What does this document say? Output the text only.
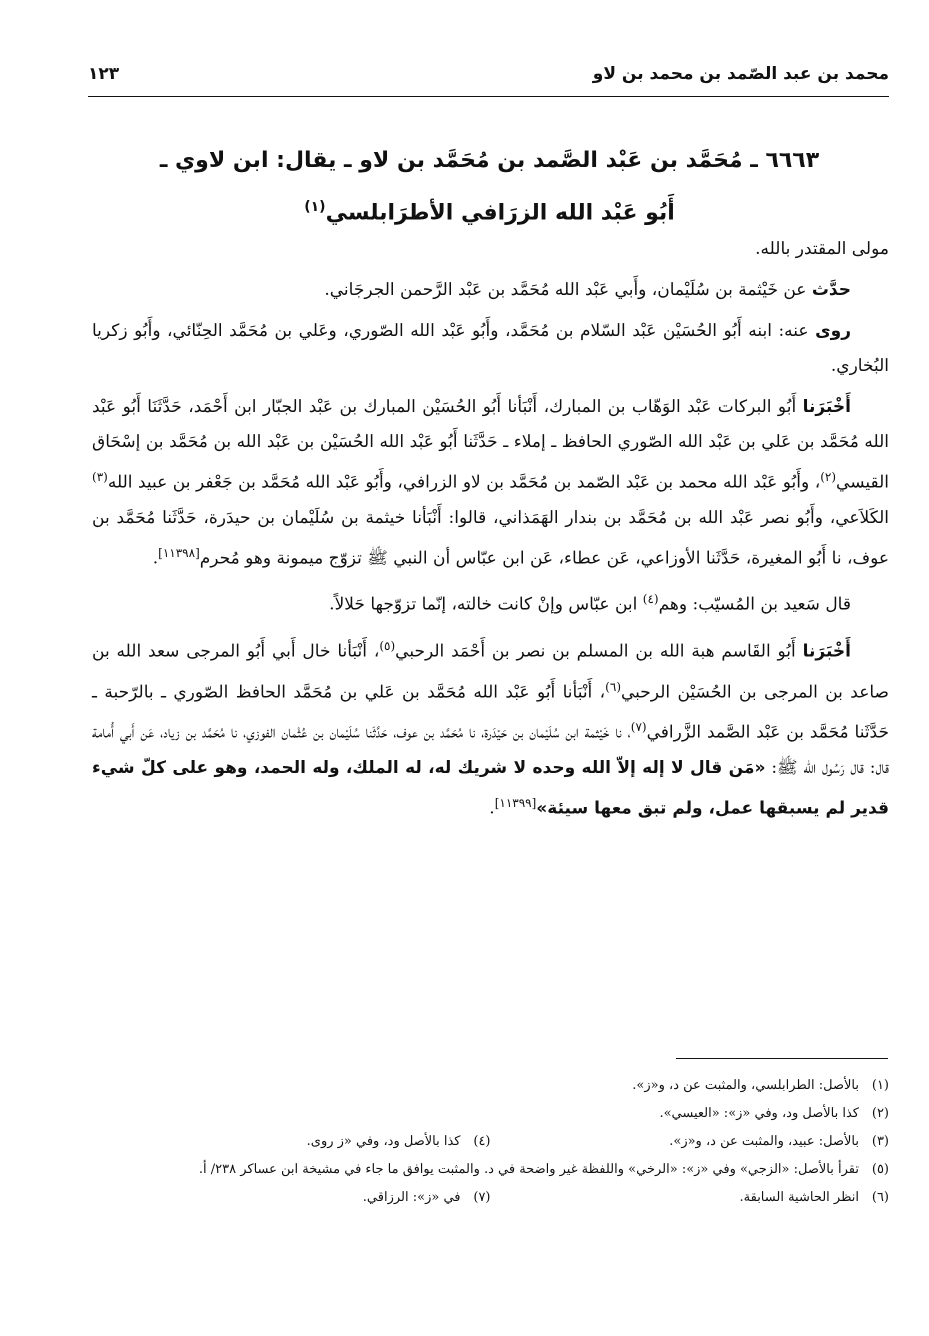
محمد بن عبد الصّمد بن محمد بن لاو
١٢٣
٦٦٦٣ ـ مُحَمَّد بن عَبْد الصَّمد بن مُحَمَّد بن لاو ـ يقال: ابن لاوي ـ
أَبُو عَبْد الله الزرَافي الأطرَابلسي$^{(١)}$

مولى المقتدر بالله.

حدَّث عن خَيْثمة بن سُلَيْمان، وأَبي عَبْد الله مُحَمَّد بن عَبْد الرَّحمن الجرجَاني.

روى عنه: ابنه أَبُو الحُسَيْن عَبْد السّلام بن مُحَمَّد، وأَبُو عَبْد الله الصّوري، وعَلي بن مُحَمَّد الحِنّائي، وأَبُو زكريا البُخاري.

أَخْبَرَنا أَبُو البركات عَبْد الوَهّاب بن المبارك، أَنْبَأنا أَبُو الحُسَيْن المبارك بن عَبْد الجبّار ابن أَحْمَد، حَدَّثَنَا أَبُو عَبْد الله مُحَمَّد بن عَلي بن عَبْد الله الصّوري الحافظ ـ إملاء ـ حَدَّثَنا أَبُو عَبْد الله الحُسَيْن بن عَبْد الله بن مُحَمَّد بن إسْحَاق القيسي$^{(٢)}$، وأَبُو عَبْد الله محمد بن عَبْد الصّمد بن مُحَمَّد بن لاو الزرافي، وأَبُو عَبْد الله مُحَمَّد بن جَعْفر بن عبيد الله$^{(٣)}$ الكَلاَعي، وأَبُو نصر عَبْد الله بن مُحَمَّد بن بندار الهَمَذاني، قالوا: أَنْبَأنا خيثمة بن سُلَيْمان بن حيدَرة، حَدَّثَنا مُحَمَّد بن عوف، نا أَبُو المغيرة، حَدَّثَنا الأوزاعي، عَن عطاء، عَن ابن عبّاس أن النبي ﷺ تزوّج ميمونة وهو مُحرم[١١٣٩٨].

قال سَعيد بن المُسيّب: وهم$^{(٤)}$ ابن عبّاس وإنْ كانت خالته، إنّما تزوّجها حَلالاً.

أَخْبَرَنا أَبُو القَاسم هبة الله بن المسلم بن نصر بن أَحْمَد الرحبي$^{(٥)}$، أَنْبَأنا خال أَبي أَبُو المرجى سعد الله بن صاعد بن المرجى بن الحُسَيْن الرحبي$^{(٦)}$، أَنْبَأنا أَبُو عَبْد الله مُحَمَّد بن عَلي بن مُحَمَّد الحافظ الصّوري ـ بالرّحبة ـ حَدَّثَنا مُحَمَّد بن عَبْد الصَّمد الزَّرافي$^{(٧)}$، نا خَيْثمة ابن سُلَيْمان بن حَيْدَرة، نا مُحَمَّد بن عوف، حَدَّثَنا سُلَيْمان بن عُثْمان الفوزي، نا مُحَمَّد بن زياد، عَن أَبي أُمامة قال: قال رَسُول الله ﷺ: «مَن قال لا إله إلاّ الله وحده لا شريك له، له الملك، وله الحمد، وهو على كلّ شيء قدير لم يسبقها عمل، ولم تبق معها سيئة»[١١٣٩٩].

(١)بالأصل: الطرابلسي، والمثبت عن د، و«ز».
(٢)كذا بالأصل ود، وفي «ز»: «العيسي».
(٣)بالأصل: عبيد، والمثبت عن د، و«ز».
(٤)كذا بالأصل ود، وفي «ز روى.
(٥)تقرأ بالأصل: «الزجي» وفي «ز»: «الرخي» واللفظة غير واضحة في د. والمثبت يوافق ما جاء في مشيخة ابن عساكر ٢٣٨/ أ.
(٦)انظر الحاشية السابقة.
(٧)في «ز»: الرزاقي.
